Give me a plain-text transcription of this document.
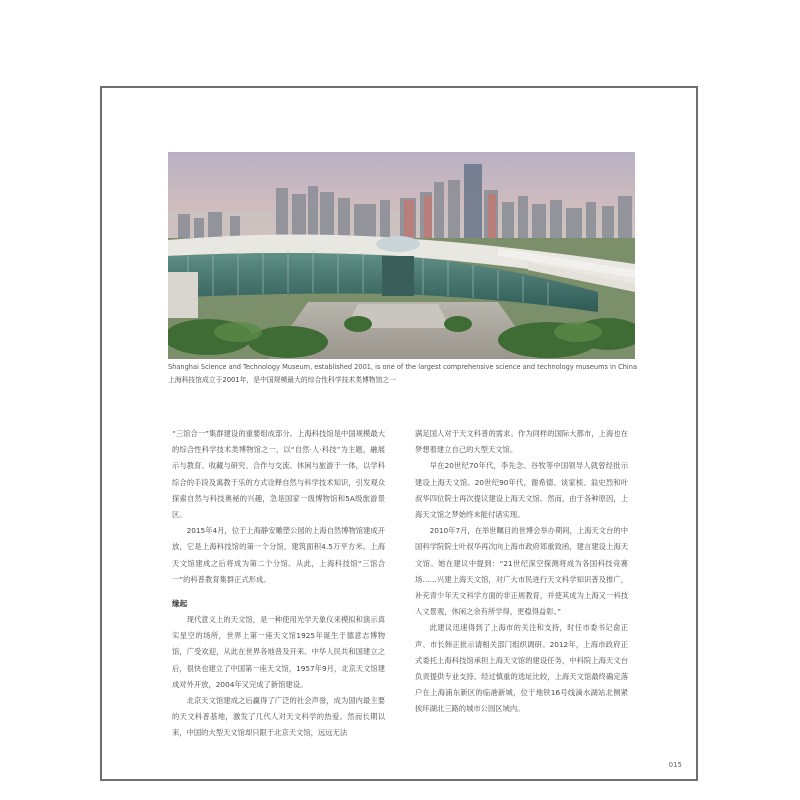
Shanghai Science and Technology Museum, established 2001, is one of the largest comprehensive science and technology museums in China
上海科技馆成立于2001年，是中国规模最大的综合性科学技术类博物馆之一

“三馆合一”集群建设的重要组成部分。上海科技馆是中国规模最大的综合性科学技术类博物馆之一，以“自然·人·科技”为主题，融展示与教育、收藏与研究、合作与交流、休闲与旅游于一体，以学科综合的手段及寓教于乐的方式诠释自然与科学技术知识，引发观众探索自然与科技奥秘的兴趣，急是国家一级博物馆和5A级旅游景区。

2015年4月，位于上海静安雕塑公园的上海自然博物馆建成开放，它是上海科技馆的第一个分馆，建筑面积4.5万平方米。上海天文馆建成之后将成为第二个分馆。从此，上海科技馆“三馆合一”的科普教育集群正式形成。

缘起

现代意义上的天文馆，是一种使用光学天象仪来模拟和演示真实星空的场所，世界上第一座天文馆1925年诞生于德意志博物馆，广受欢迎，从此在世界各地普及开来。中华人民共和国建立之后，很快也建立了中国第一座天文馆，1957年9月，北京天文馆建成对外开放，2004年又完成了新馆建设。

北京天文馆建成之后赢得了广泛的社会声誉，成为国内最主要的天文科普基地，激发了几代人对天文科学的热爱。然而长期以来，中国的大型天文馆却只限于北京天文馆，远远无法

满足国人对于天文科普的需求。作为同样的国际大都市，上海也在梦想着建立自己的大型天文馆。

早在20世纪70年代，李先念、谷牧等中国领导人就曾经批示建设上海天文馆。20世纪90年代，谢希德、谈家桢、翁史烈和叶叔华四位院士再次提议建设上海天文馆。然而，由于各种原因，上海天文馆之梦始终未能付诸实现。

2010年7月，在举世瞩目的世博会举办期间，上海天文台的中国科学院院士叶叔华再次向上海市政府郑重致函，建言建设上海天文馆。她在建议中提到：“21世纪深空探测将成为各国科技竞赛场……兴建上海天文馆，对广大市民进行天文科学知识普及推广，补充青少年天文科学方面的非正规教育，并使其成为上海又一科技人文景观，休闲之余有所学得，更稳得益彰。”

此建议迅速得到了上海市的关注和支持，时任市委书记俞正声、市长韩正批示请相关部门组织调研。2012年，上海市政府正式委托上海科技馆承担上海天文馆的建设任务，中科院上海天文台负责提供专业支持。经过慎重的选址比较，上海天文馆最终确定落户在上海浦东新区的临港新城，位于地铁16号线滴水湖站北侧紧挨环湖北三路的城市公园区域内。

015
